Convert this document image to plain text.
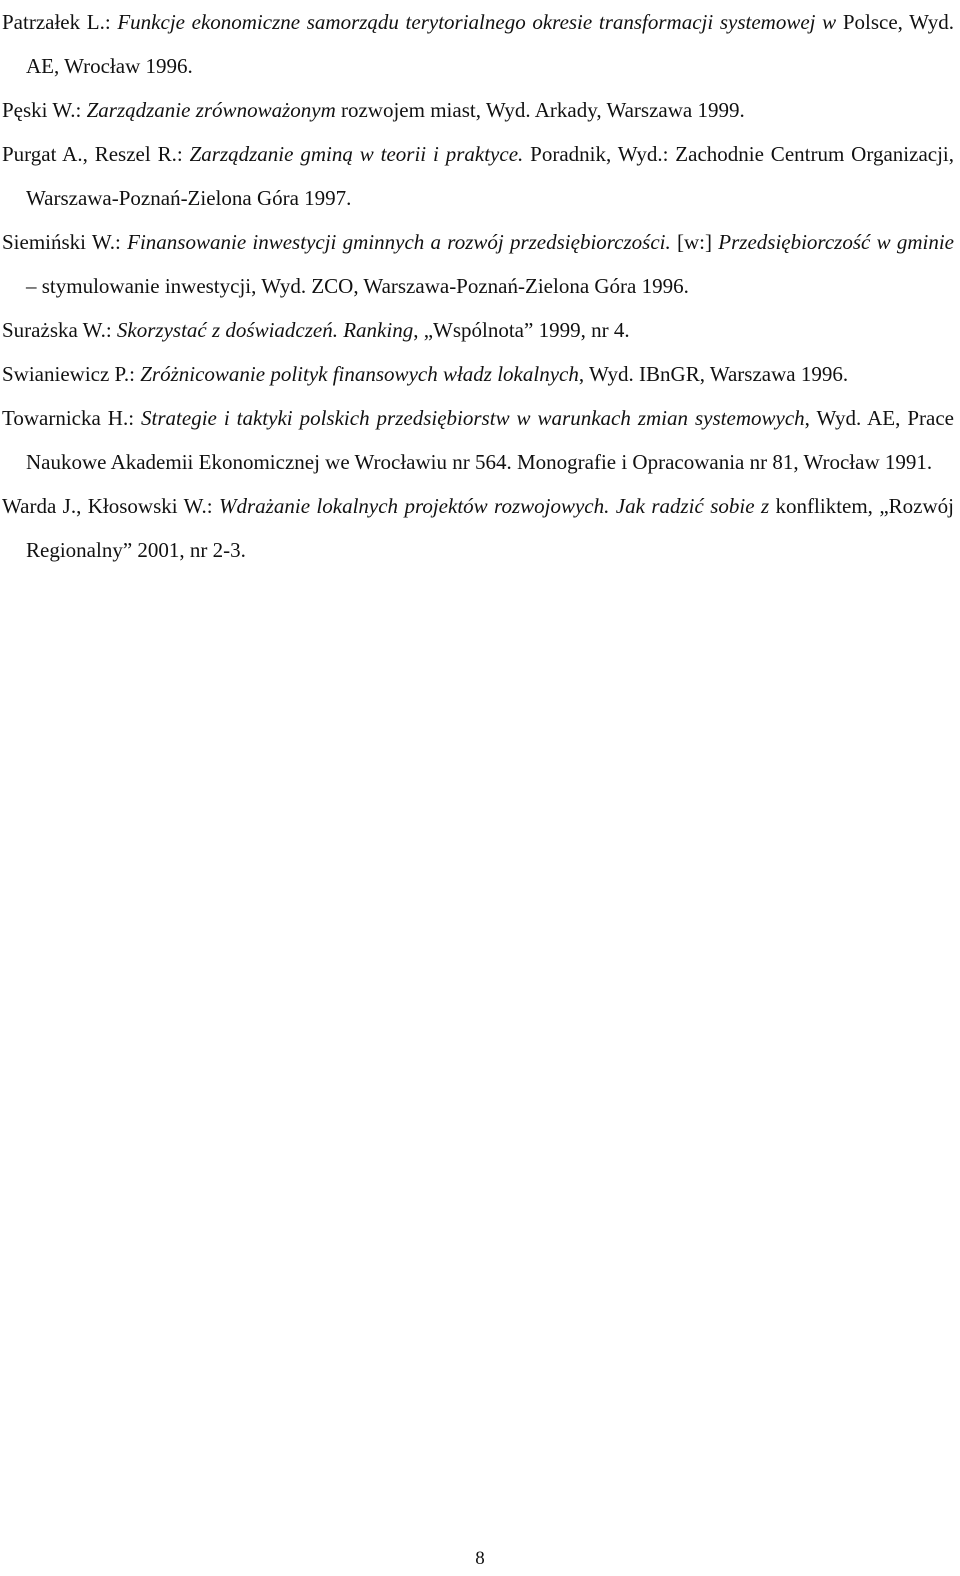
Patrzałek L.: Funkcje ekonomiczne samorządu terytorialnego okresie transformacji systemowej w Polsce, Wyd. AE, Wrocław 1996.

Pęski W.: Zarządzanie zrównoważonym rozwojem miast, Wyd. Arkady, Warszawa 1999.

Purgat A., Reszel R.: Zarządzanie gminą w teorii i praktyce. Poradnik, Wyd.: Zachodnie Centrum Organizacji, Warszawa-Poznań-Zielona Góra 1997.

Siemiński W.: Finansowanie inwestycji gminnych a rozwój przedsiębiorczości. [w:] Przedsiębiorczość w gminie – stymulowanie inwestycji, Wyd. ZCO, Warszawa-Poznań-Zielona Góra 1996.

Surażska W.: Skorzystać z doświadczeń. Ranking, „Wspólnota” 1999, nr 4.

Swianiewicz P.: Zróżnicowanie polityk finansowych władz lokalnych, Wyd. IBnGR, Warszawa 1996.

Towarnicka H.: Strategie i taktyki polskich przedsiębiorstw w warunkach zmian systemowych, Wyd. AE, Prace Naukowe Akademii Ekonomicznej we Wrocławiu nr 564. Monografie i Opracowania nr 81, Wrocław 1991.

Warda J., Kłosowski W.: Wdrażanie lokalnych projektów rozwojowych. Jak radzić sobie z konfliktem, „Rozwój Regionalny” 2001, nr 2-3.

8
